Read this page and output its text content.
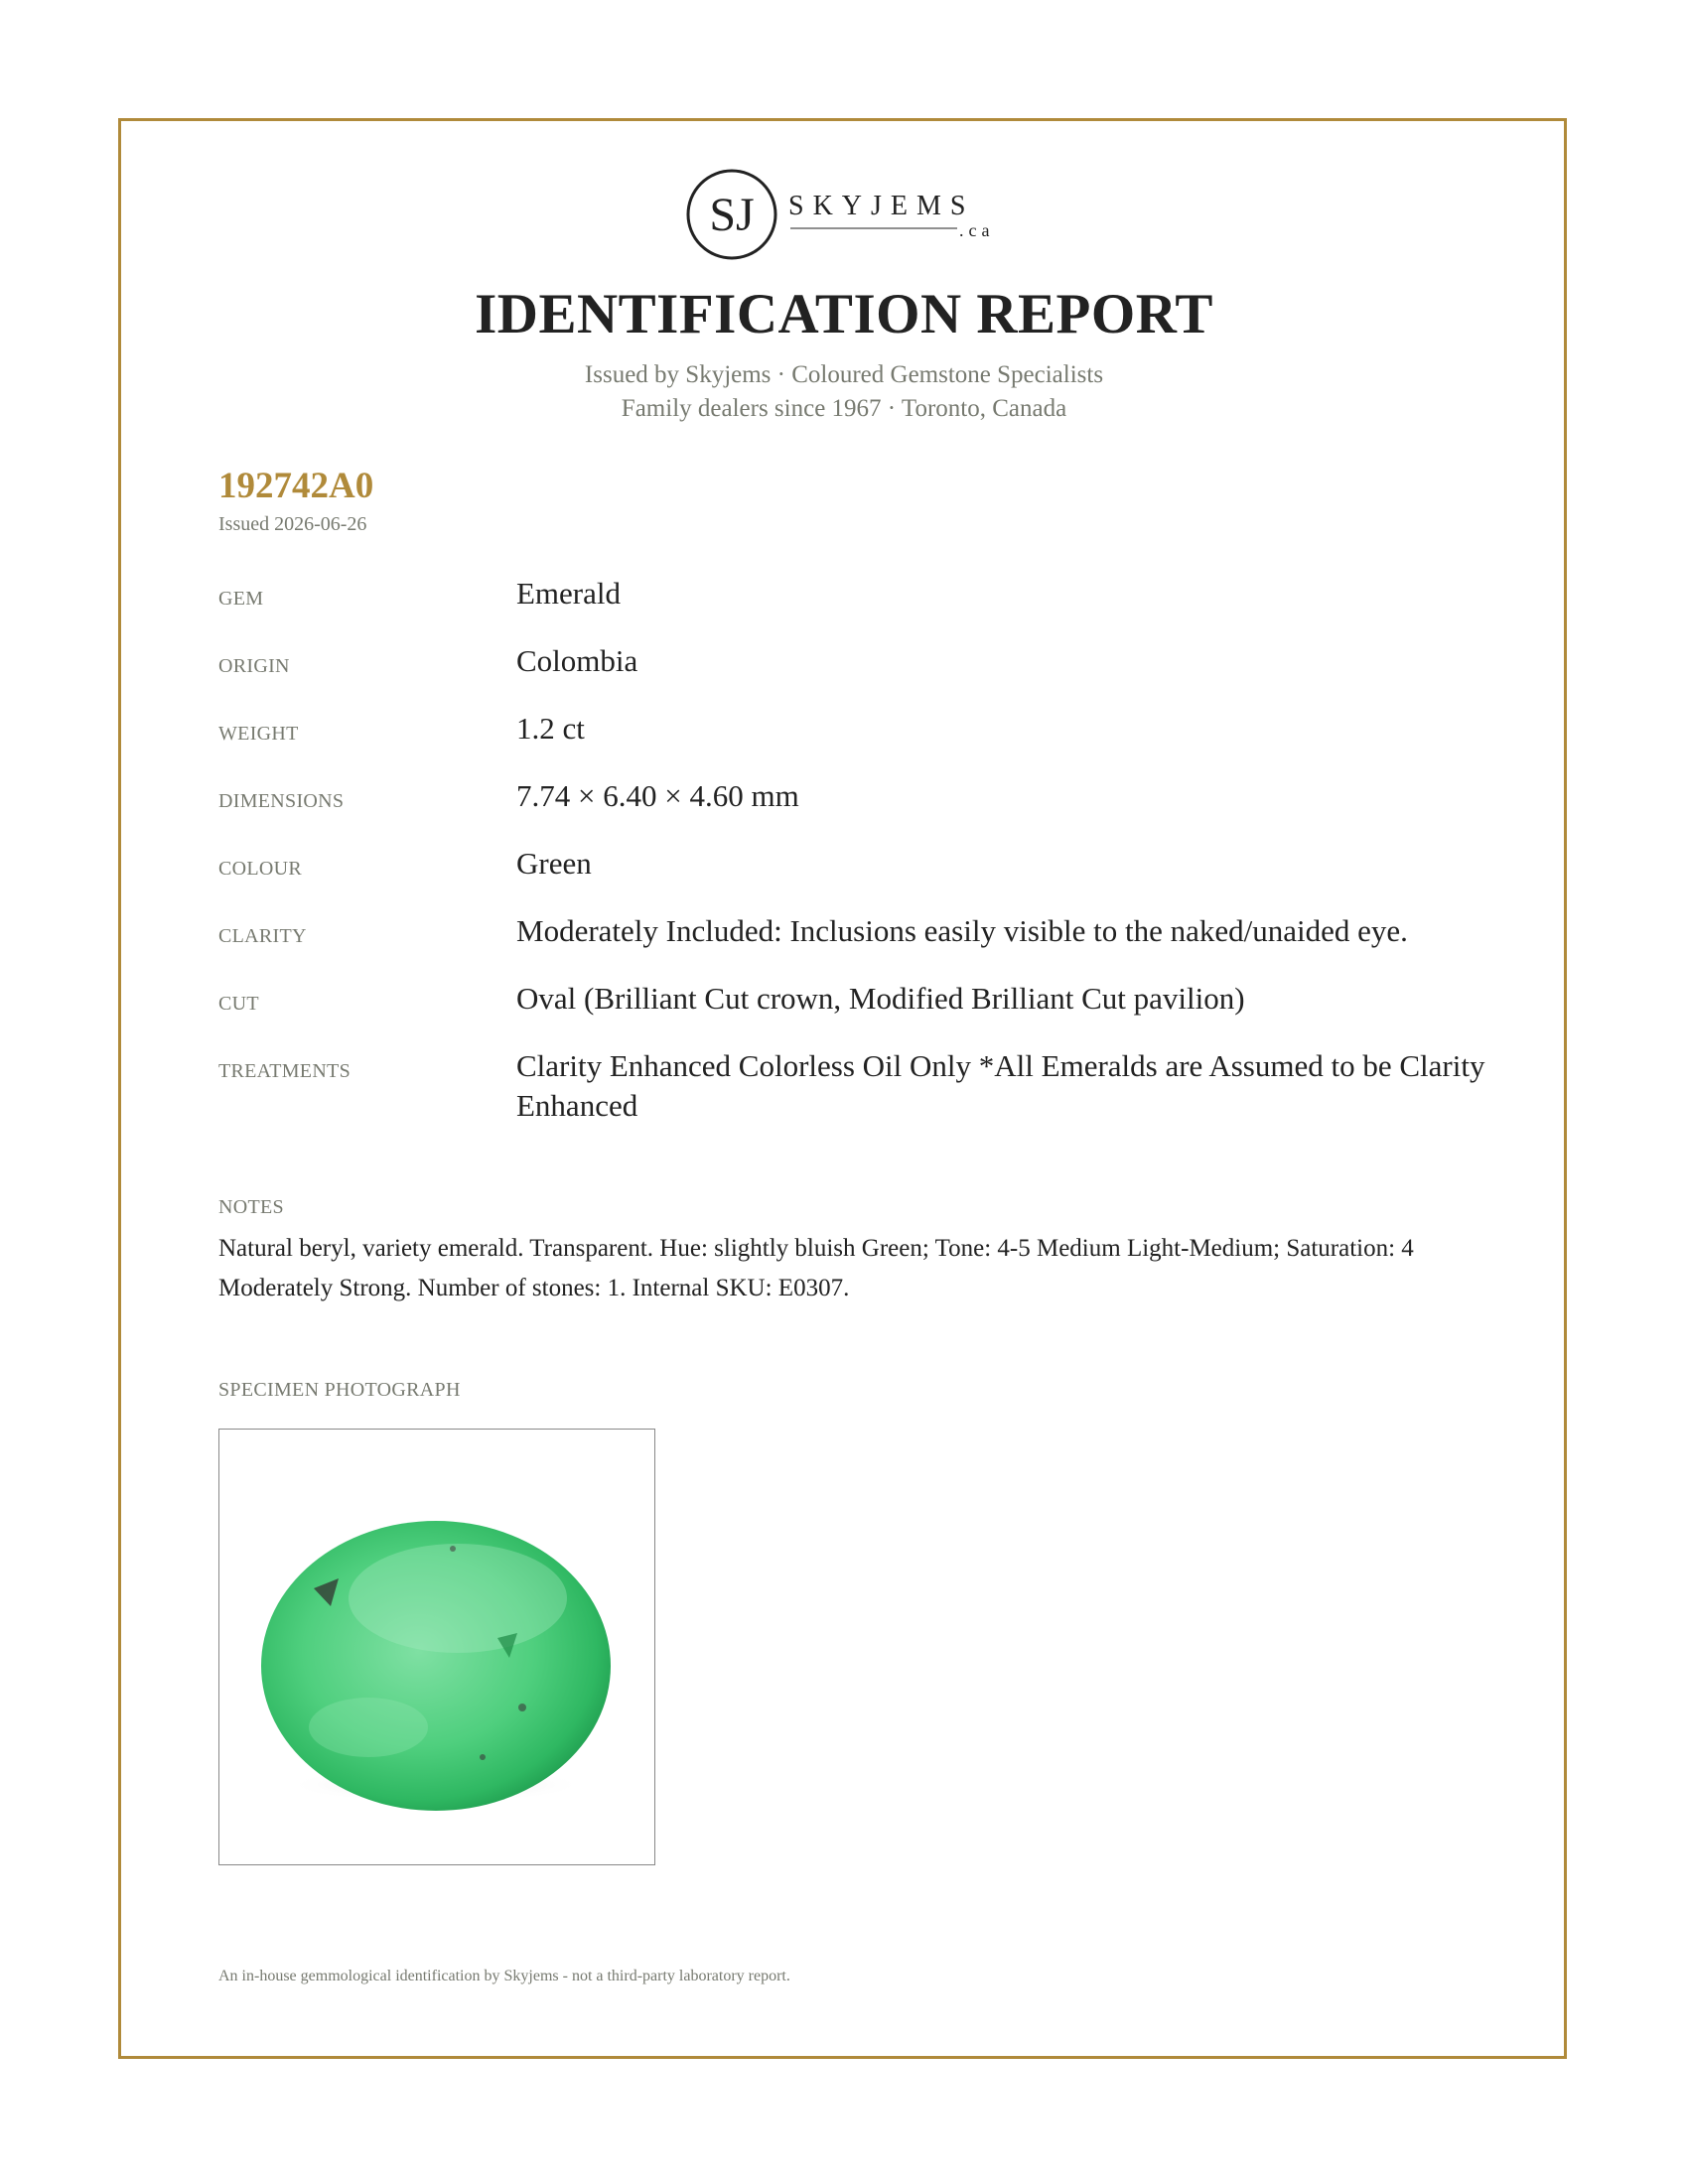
SJ SKYJEMS
.ca
IDENTIFICATION REPORT
Issued by Skyjems · Coloured Gemstone Specialists
Family dealers since 1967 · Toronto, Canada
192742A0
Issued 2026-06-26
GEM	Emerald
ORIGIN	Colombia
WEIGHT	1.2 ct
DIMENSIONS	7.74 × 6.40 × 4.60 mm
COLOUR	Green
CLARITY	Moderately Included: Inclusions easily visible to the naked/unaided eye.
CUT	Oval (Brilliant Cut crown, Modified Brilliant Cut pavilion)
TREATMENTS	Clarity Enhanced Colorless Oil Only *All Emeralds are Assumed to be Clarity Enhanced
NOTES
Natural beryl, variety emerald. Transparent. Hue: slightly bluish Green; Tone: 4-5 Medium Light-Medium; Saturation: 4 Moderately Strong. Number of stones: 1. Internal SKU: E0307.
SPECIMEN PHOTOGRAPH
An in-house gemmological identification by Skyjems - not a third-party laboratory report.
